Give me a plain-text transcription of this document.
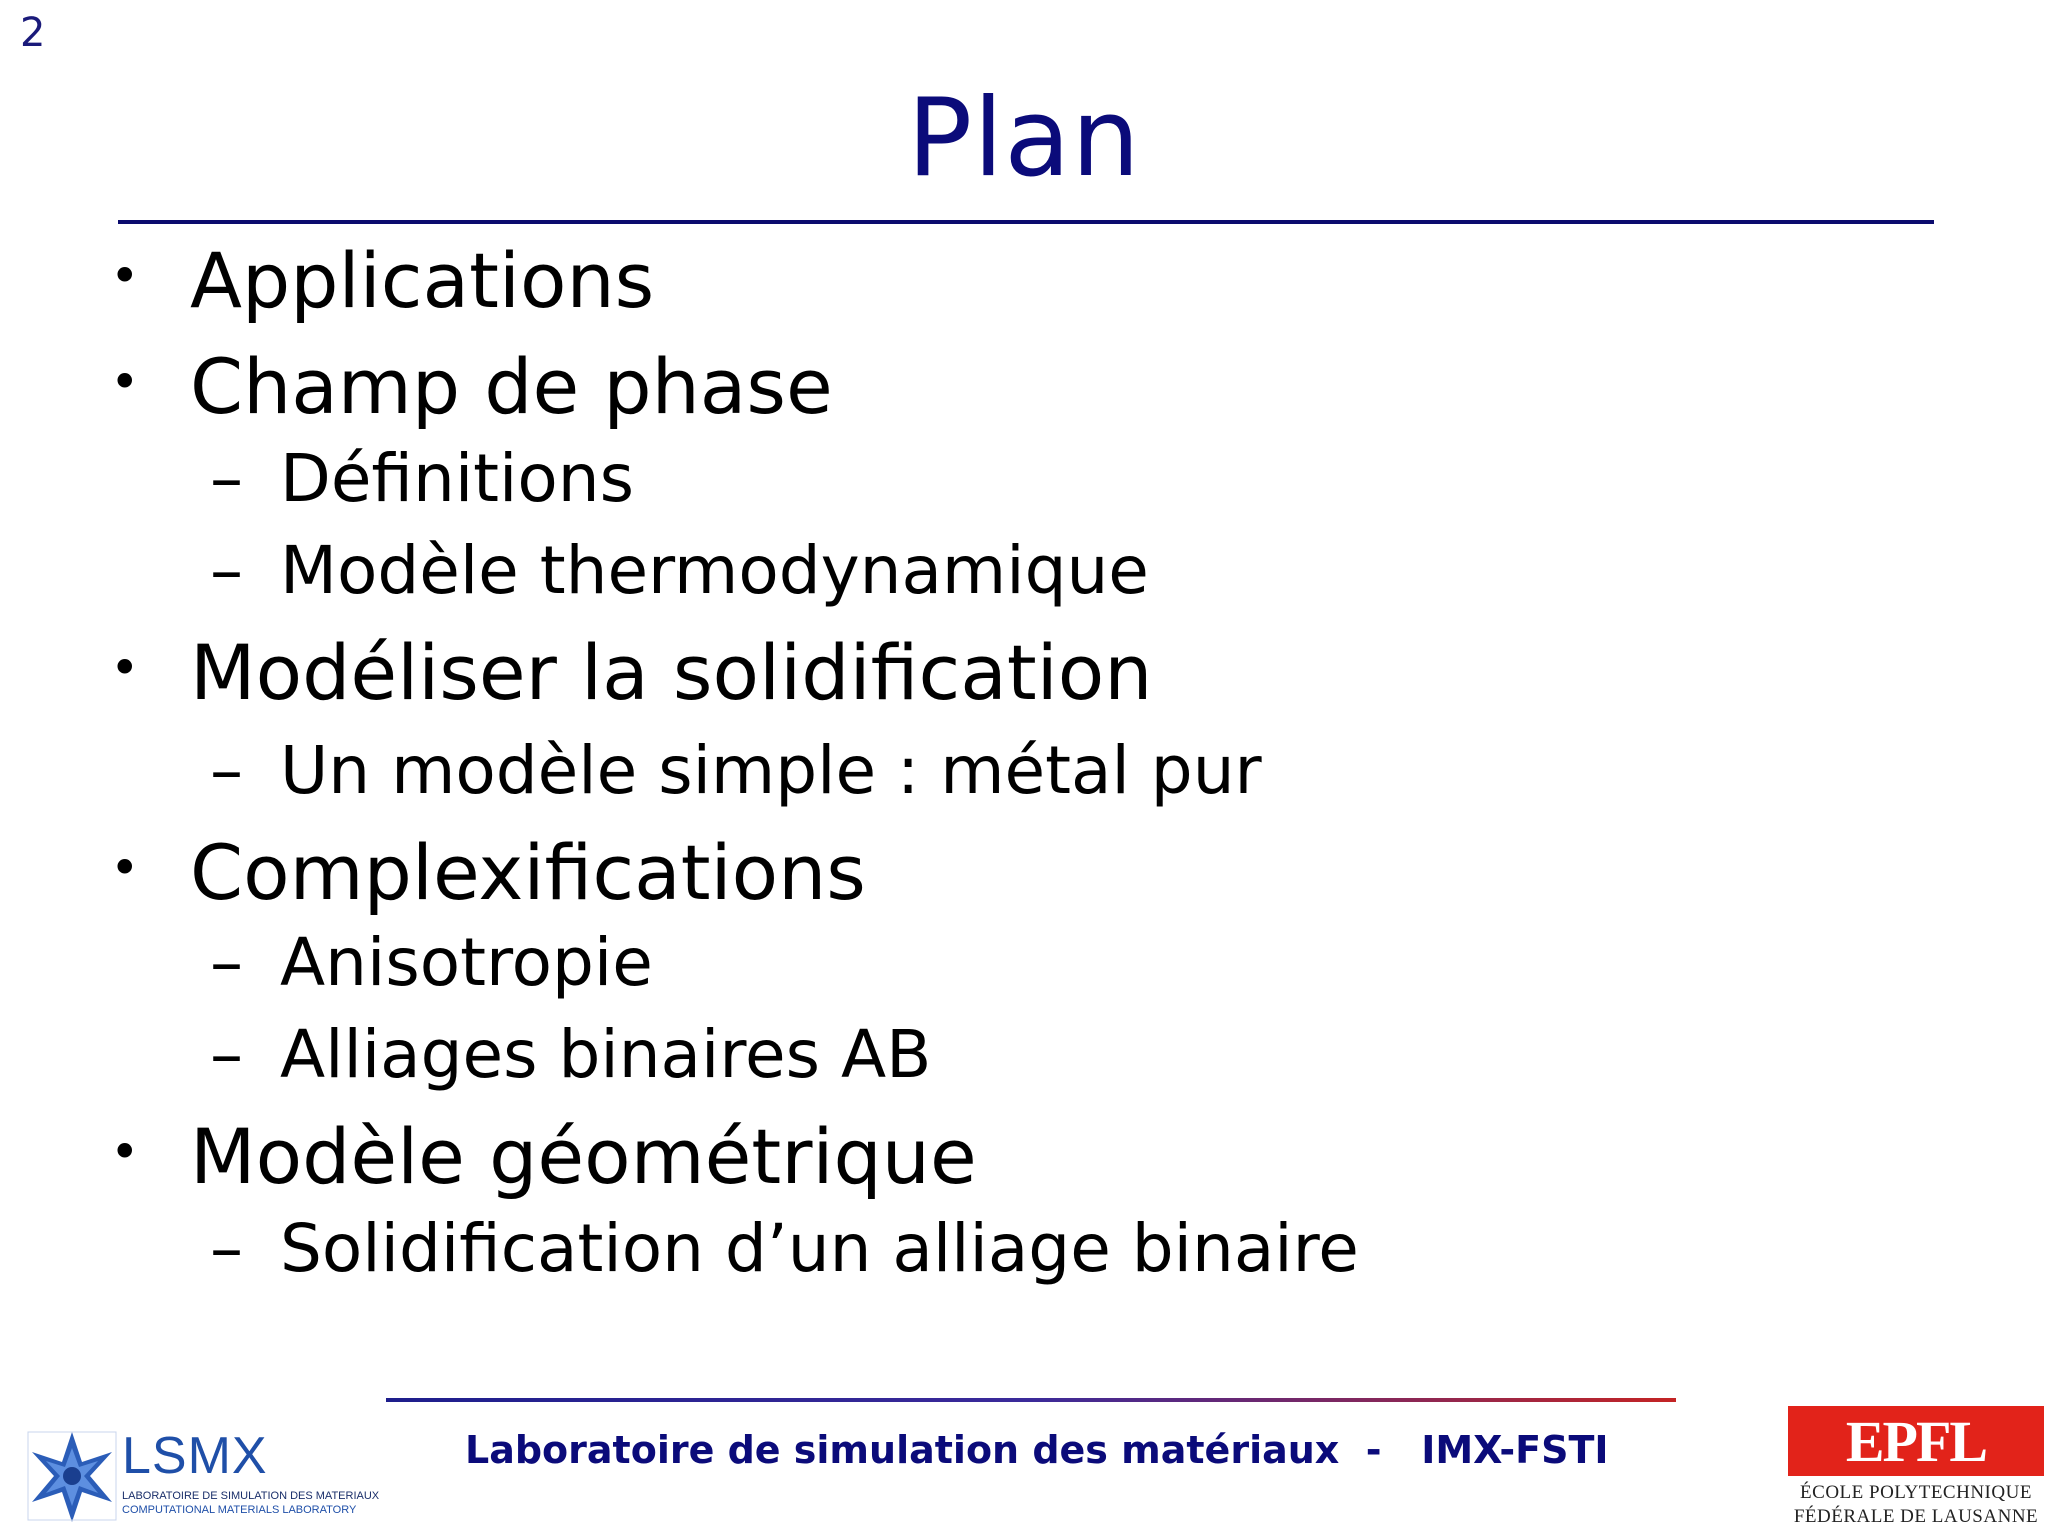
2
Plan
• Applications
• Champ de phase
– Définitions
– Modèle thermodynamique
• Modéliser la solidification
– Un modèle simple : métal pur
• Complexifications
– Anisotropie
– Alliages binaires AB
• Modèle géométrique
– Solidification d’un alliage binaire
Laboratoire de simulation des matériaux  -   IMX-FSTI
LSMX
LABORATOIRE DE SIMULATION DES MATERIAUX
COMPUTATIONAL MATERIALS LABORATORY
EPFL
ÉCOLE POLYTECHNIQUE
FÉDÉRALE DE LAUSANNE
